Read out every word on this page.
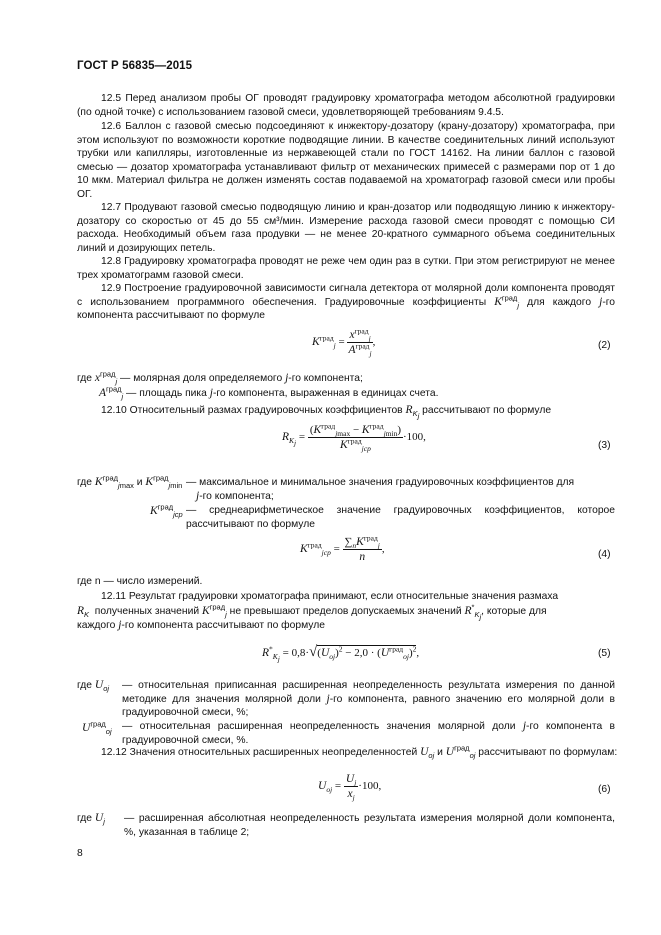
ГОСТ Р 56835—2015

12.5 Перед анализом пробы ОГ проводят градуировку хроматографа методом абсолютной градуировки (по одной точке) с использованием газовой смеси, удовлетворяющей требованиям 9.4.5.

12.6 Баллон с газовой смесью подсоединяют к инжектору-дозатору (крану-дозатору) хроматографа, при этом используют по возможности короткие подводящие линии. В качестве соединительных линий используют трубки или капилляры, изготовленные из нержавеющей стали по ГОСТ 14162. На линии баллон с газовой смесью — дозатор хроматографа устанавливают фильтр от механических примесей с размерами пор от 1 до 10 мкм. Материал фильтра не должен изменять состав подаваемой на хроматограф газовой смеси или пробы ОГ.

12.7 Продувают газовой смесью подводящую линию и кран-дозатор или подводящую линию к инжектору-дозатору со скоростью от 45 до 55 см³/мин. Измерение расхода газовой смеси проводят с помощью СИ расхода. Необходимый объем газа продувки — не менее 20-кратного суммарного объема соединительных линий и дозирующих петель.

12.8 Градуировку хроматографа проводят не реже чем один раз в сутки. При этом регистрируют не менее трех хроматограмм газовой смеси.

12.9 Построение градуировочной зависимости сигнала детектора от молярной доли компонента проводят с использованием программного обеспечения. Градуировочные коэффициенты $K^{град}_j$ для каждого j-го компонента рассчитывают по формуле

$K^{град}_j = \frac{x^{град}_j}{A^{град}_j}$ ,	(2)
где $x^{град}_j$ — молярная доля определяемого j-го компонента;
$A^{град}_j$ — площадь пика j-го компонента, выраженная в единицах счета.
12.10 Относительный размах градуировочных коэффициентов $R_{K_j}$ рассчитывают по формуле
$R_{K_j} = \frac{(K^{град}_{jmax} - K^{град}_{jmin})}{K^{град}_{jср}} \cdot 100$,
(3)
где $K^{град}_{jmax}$ и $K^{град}_{jmin}$ — максимальное и минимальное значения градуировочных коэффициентов для
j-го компонента;
$K^{град}_{jср}$ — среднеарифметическое значение градуировочных коэффициентов, которое рассчитывают по формуле
$K^{град}_{jср} = \frac{\sum_nK^{град}_j}{n}$ ,	(4)
где n — число измерений.
12.11 Результат градуировки хроматографа принимают, если относительные значения размаха
$R_K$ полученных значений $K^{град}_j$ не превышают пределов допускаемых значений $R^*_{K_j}$, которые для
каждого j-го компонента рассчитывают по формуле
$R^*_{K_j} = 0,8\cdot√(U_{oj})^2 - 2,0 \cdot (U^{град}_{oj})^2$,	(5)
где $U_{oj}$ — относительная приписанная расширенная неопределенность результата измерения по данной методике для значения молярной доли j-го компонента, равного значению его молярной доли в градуировочной смеси, %;
$U^{град}_{oj}$ — относительная расширенная неопределенность значения молярной доли j-го компонента в градуировочной смеси, %.
12.12 Значения относительных расширенных неопределенностей $U_{oj}$ и $U^{град}_{oj}$ рассчитывают по формулам:
$U_{oj} = \frac{U_j}{x_j} \cdot 100$,	(6)
где $U_j$ — расширенная абсолютная неопределенность результата измерения молярной доли компонента, %, указанная в таблице 2;
8
